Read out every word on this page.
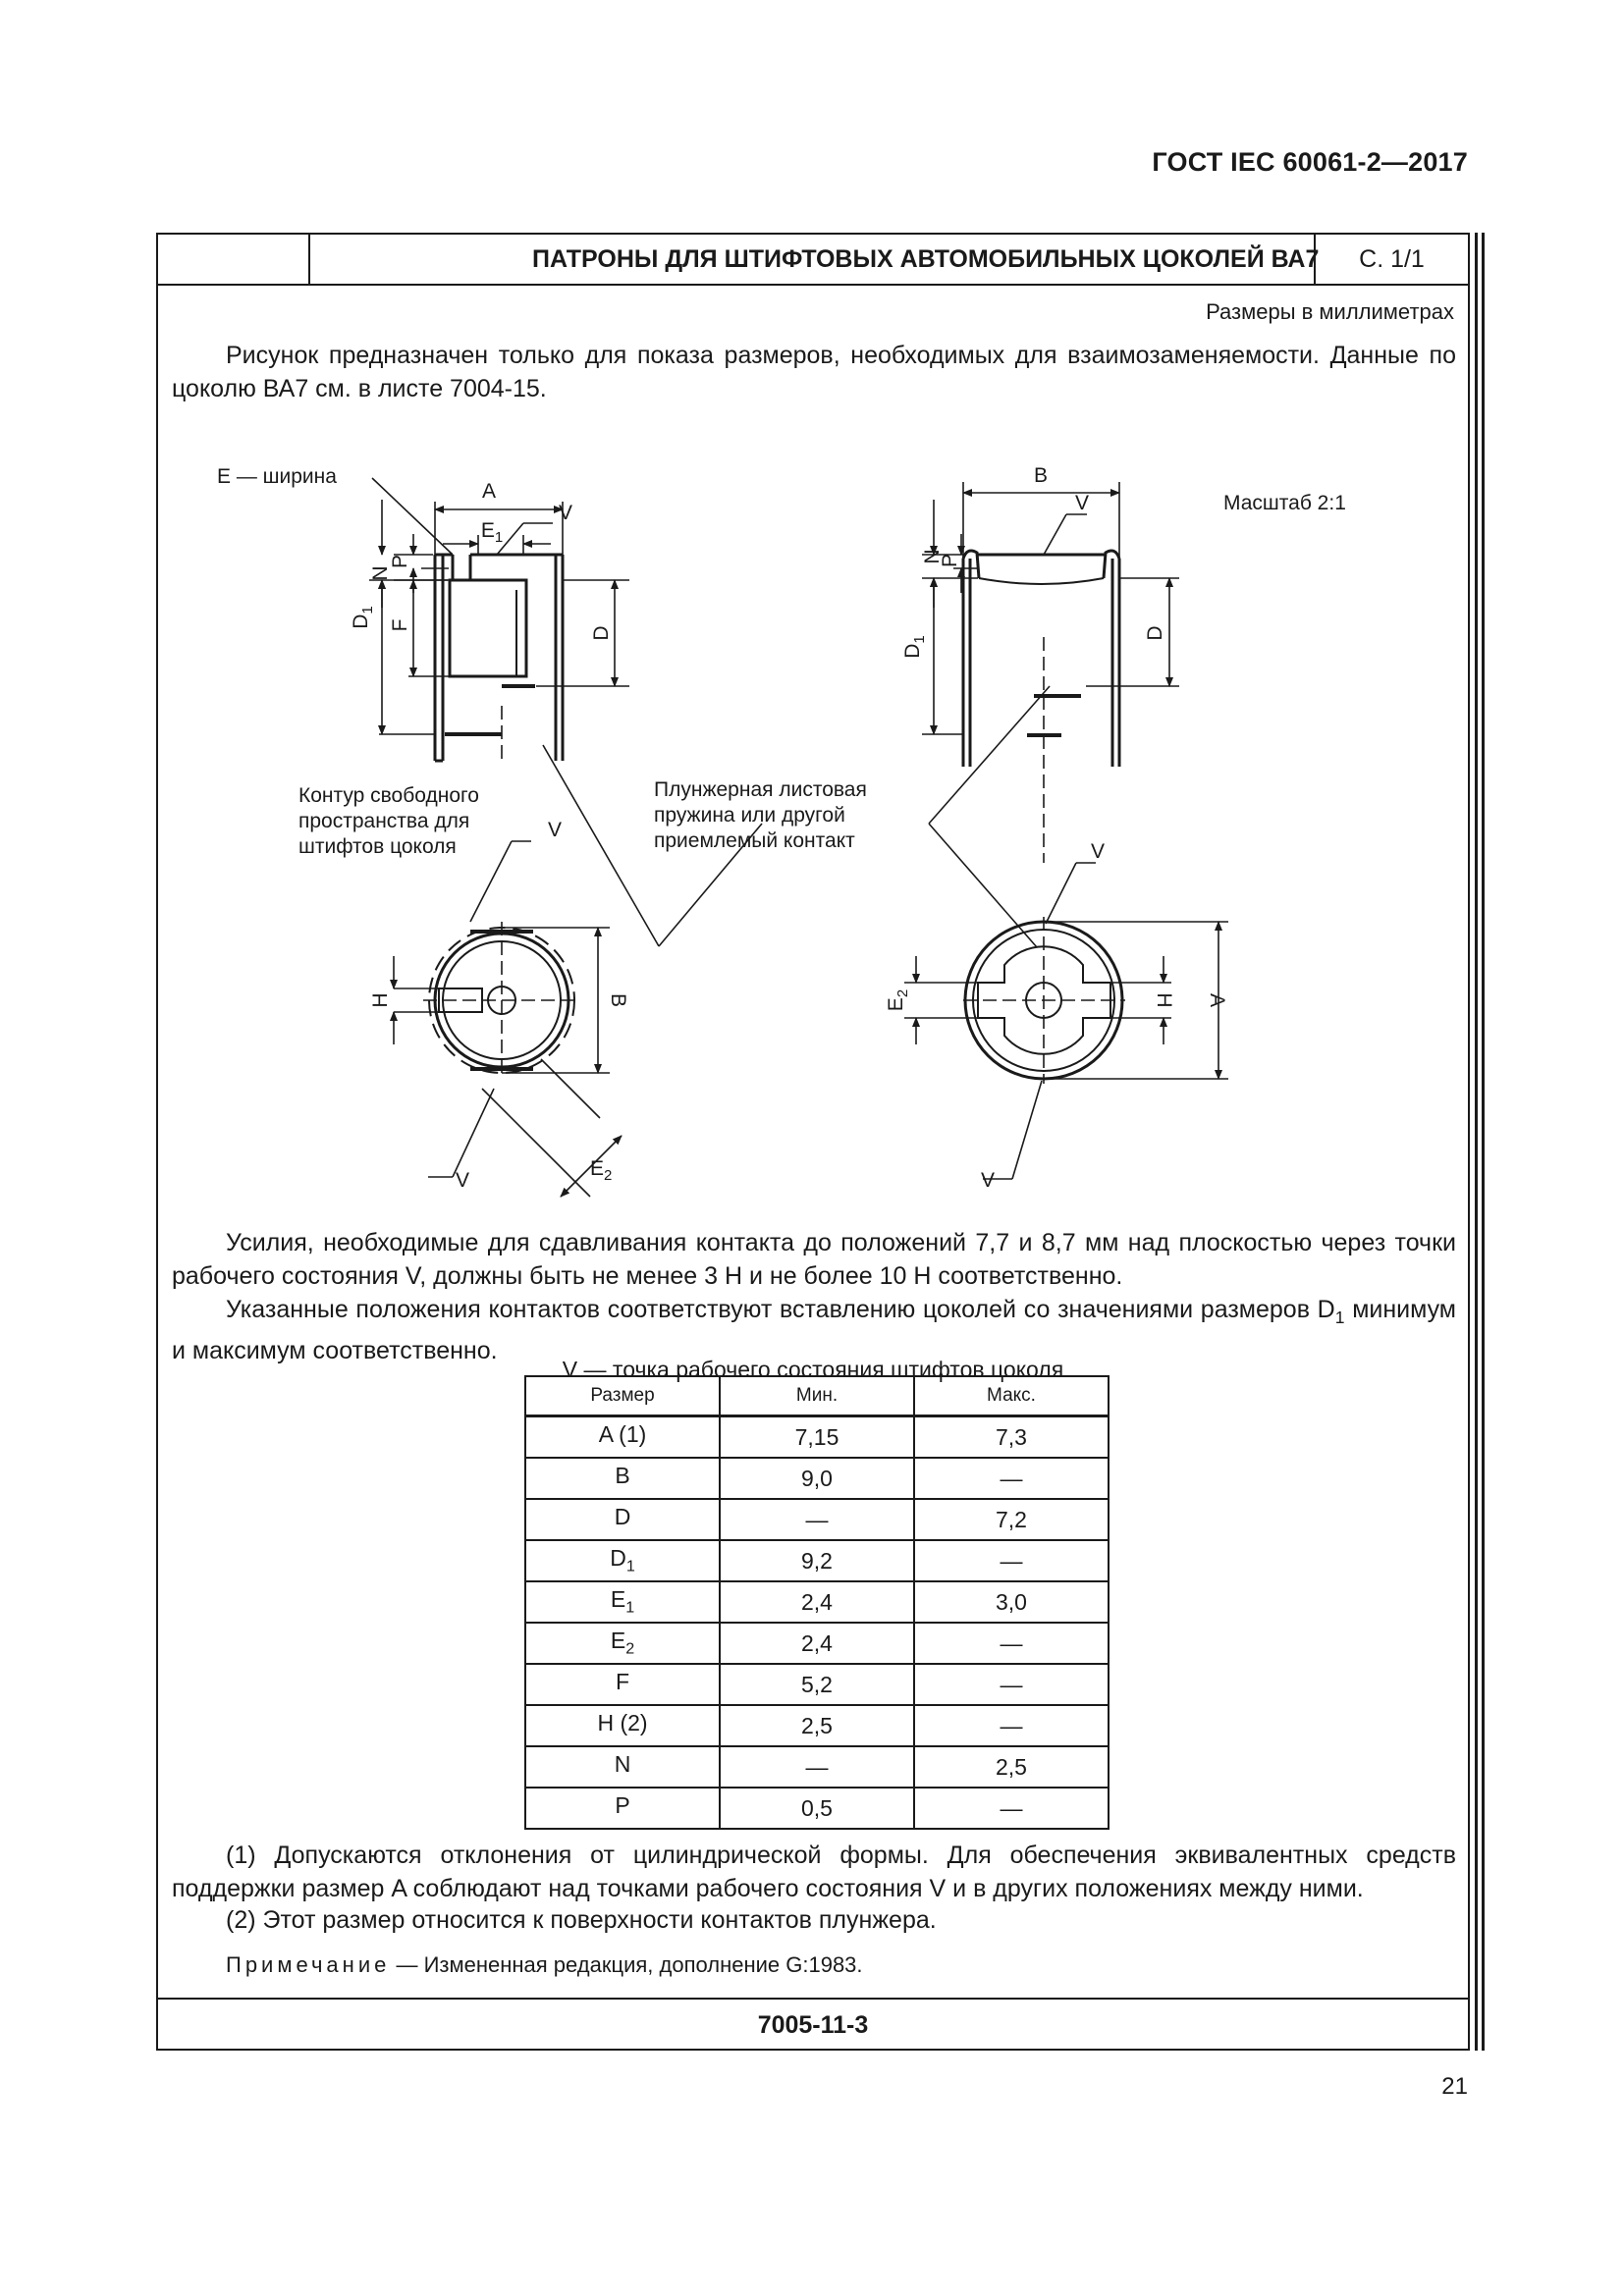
ГОСТ IEC 60061-2—2017
ПАТРОНЫ ДЛЯ ШТИФТОВЫХ АВТОМОБИЛЬНЫХ ЦОКОЛЕЙ ВА7	С. 1/1
Размеры в миллиметрах
Рисунок предназначен только для показа размеров, необходимых для взаимозаменяемости. Данные по цоколю ВА7 см. в листе 7004-15.
A
$E_1$
E — ширина
V
N
$D_1$
P
F
D
B
V	Масштаб 2:1
N
P
$D_1$	D
Контур свободного
пространства для
штифтов цоколя
Плунжерная листовая
пружина или другой
приемлемый контакт
V
V
H	B
$E_2$
V
V
$E_2$	H A
V — точка рабочего состояния штифтов цоколя
Усилия, необходимые для сдавливания контакта до положений 7,7 и 8,7 мм над плоскостью через точки рабочего состояния V, должны быть не менее 3 Н и не более 10 Н соответственно.
Указанные положения контактов соответствуют вставлению цоколей со значениями размеров $D_1$ минимум и максимум соответственно.
Размер	Мин.	Макс.
A (1)	7,15	7,3
B	9,0	—
D	—	7,2
$D_1$	9,2	—
$E_1$	2,4	3,0
$E_2$	2,4	—
F	5,2	—
H (2)	2,5	—
N	—	2,5
P	0,5	—
(1) Допускаются отклонения от цилиндрической формы. Для обеспечения эквивалентных средств поддержки размер A соблюдают над точками рабочего состояния V и в других положениях между ними.
(2) Этот размер относится к поверхности контактов плунжера.
Примечание — Измененная редакция, дополнение G:1983.
7005-11-3
21
